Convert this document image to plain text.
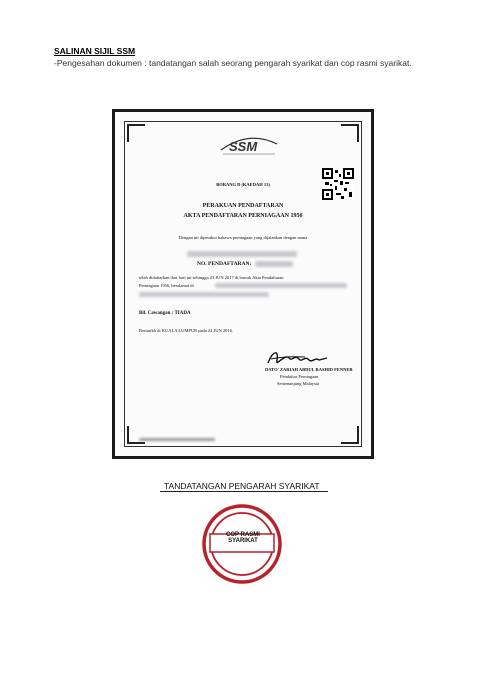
SALINAN SIJIL SSM
-Pengesahan dokumen : tandatangan salah seorang pengarah syarikat dan cop rasmi syarikat.
SSM
BORANG D (KAEDAH 13)
PERAKUAN PENDAFTARAN
AKTA PENDAFTARAN PERNIAGAAN 1956
Dengan ini diperakui bahawa perniagaan yang dijalankan dengan nama
NO. PENDAFTARAN:
telah didaftarkan dari hari ini sehingga 23 JUN 2017 di bawah Akta Pendaftaran
Perniagaan 1956, beralamat di
Bil. Cawangan : TIADA
Bertarikh di KUALA LUMPUR pada 24 JUN 2016.
DATO' ZARIAH ABDUL RASHID FENNER
Pendaftar Perniagaan
Semenanjung Malaysia
TANDATANGAN PENGARAH SYARIKAT
COP RASMI SYARIKAT
